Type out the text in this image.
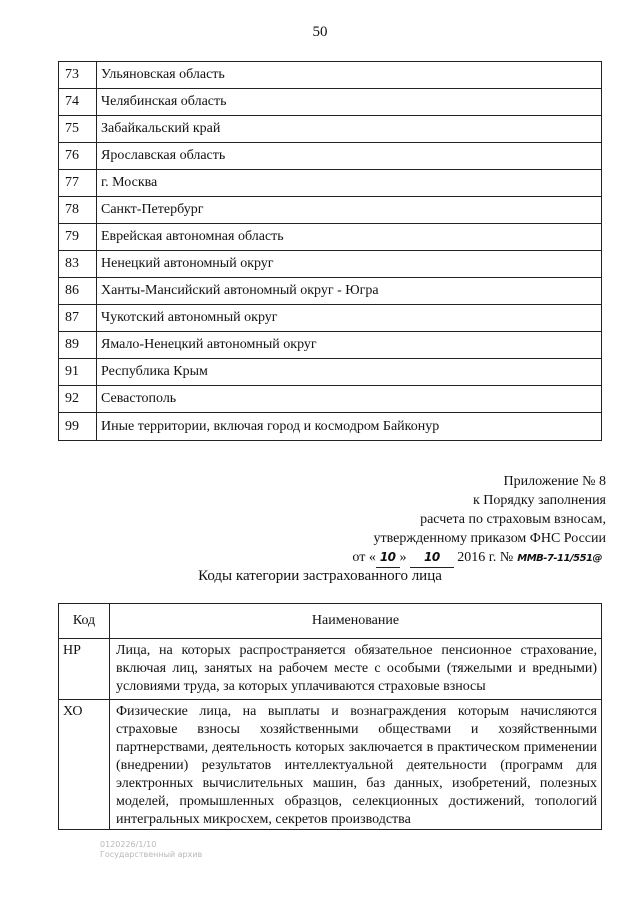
50
73	Ульяновская область
74	Челябинская область
75	Забайкальский край
76	Ярославская область
77	г. Москва
78	Санкт-Петербург
79	Еврейская автономная область
83	Ненецкий автономный округ
86	Ханты-Мансийский автономный округ - Югра
87	Чукотский автономный округ
89	Ямало-Ненецкий автономный округ
91	Республика Крым
92	Севастополь
99	Иные территории, включая город и космодром Байконур
Приложение № 8
к Порядку заполнения
расчета по страховым взносам,
утвержденному приказом ФНС России
от « 10 » 10 2016 г. № ММВ-7-11/551@
Коды категории застрахованного лица
Код	Наименование
НР	Лица, на которых распространяется обязательное пенсионное страхование, включая лиц, занятых на рабочем месте с особыми (тяжелыми и вредными) условиями труда, за которых уплачиваются страховые взносы
ХО	Физические лица, на выплаты и вознаграждения которым начисляются страховые взносы хозяйственными обществами и хозяйственными партнерствами, деятельность которых заключается в практическом применении (внедрении) результатов интеллектуальной деятельности (программ для электронных вычислительных машин, баз данных, изобретений, полезных моделей, промышленных образцов, селекционных достижений, топологий интегральных микросхем, секретов производства
0120226/1/10
Государственный архив
